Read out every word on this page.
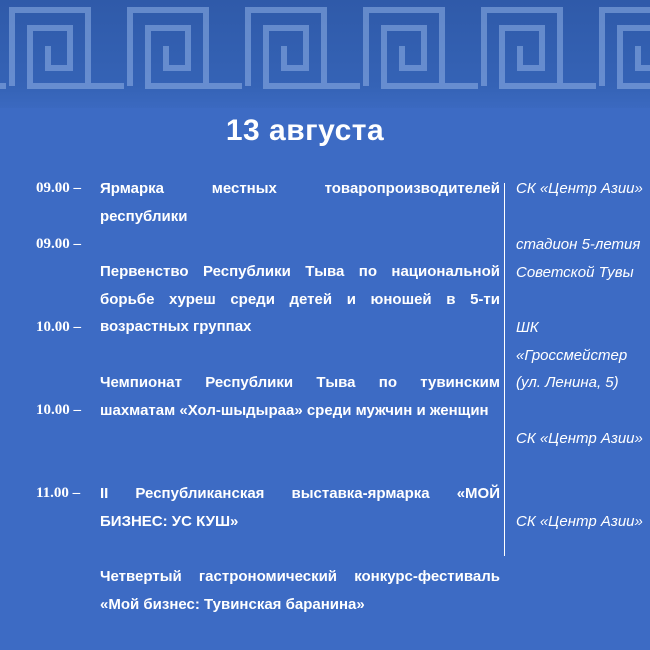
13 августа
09.00 –
09.00 –
10.00 –
10.00 –
11.00 –
Ярмарка местных товаропроизводителей республики
Первенство Республики Тыва по национальной борьбе хуреш среди детей и юношей в 5-ти возрастных группах
Чемпионат Республики Тыва по тувинским шахматам «Хол-шыдыраа» среди мужчин и женщин
II Республиканская выставка-ярмарка «МОЙ БИЗНЕС: УС КУШ»
Четвертый гастрономический конкурс-фестиваль «Мой бизнес: Тувинская баранина»
СК «Центр Азии»
стадион 5-летия Советской Тувы
ШК «Гроссмейстер (ул. Ленина, 5)
СК «Центр Азии»
СК «Центр Азии»
